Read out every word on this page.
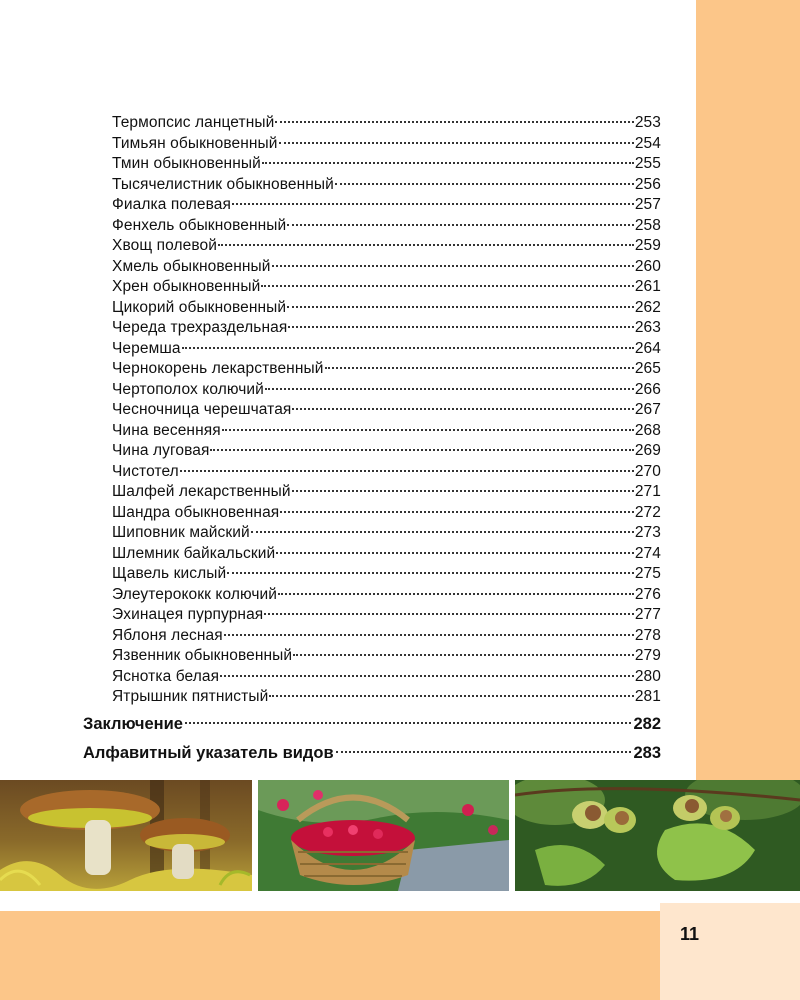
Термопсис ланцетный	253
Тимьян обыкновенный	254
Тмин обыкновенный	255
Тысячелистник обыкновенный	256
Фиалка полевая	257
Фенхель обыкновенный	258
Хвощ полевой	259
Хмель обыкновенный	260
Хрен обыкновенный	261
Цикорий обыкновенный	262
Череда трехраздельная	263
Черемша	264
Чернокорень лекарственный	265
Чертополох колючий	266
Чесночница черешчатая	267
Чина весенняя	268
Чина луговая	269
Чистотел	270
Шалфей лекарственный	271
Шандра обыкновенная	272
Шиповник майский	273
Шлемник байкальский	274
Щавель кислый	275
Элеутерококк колючий	276
Эхинацея пурпурная	277
Яблоня лесная	278
Язвенник обыкновенный	279
Яснотка белая	280
Ятрышник пятнистый	281
Заключение	282
Алфавитный указатель видов	283
11
